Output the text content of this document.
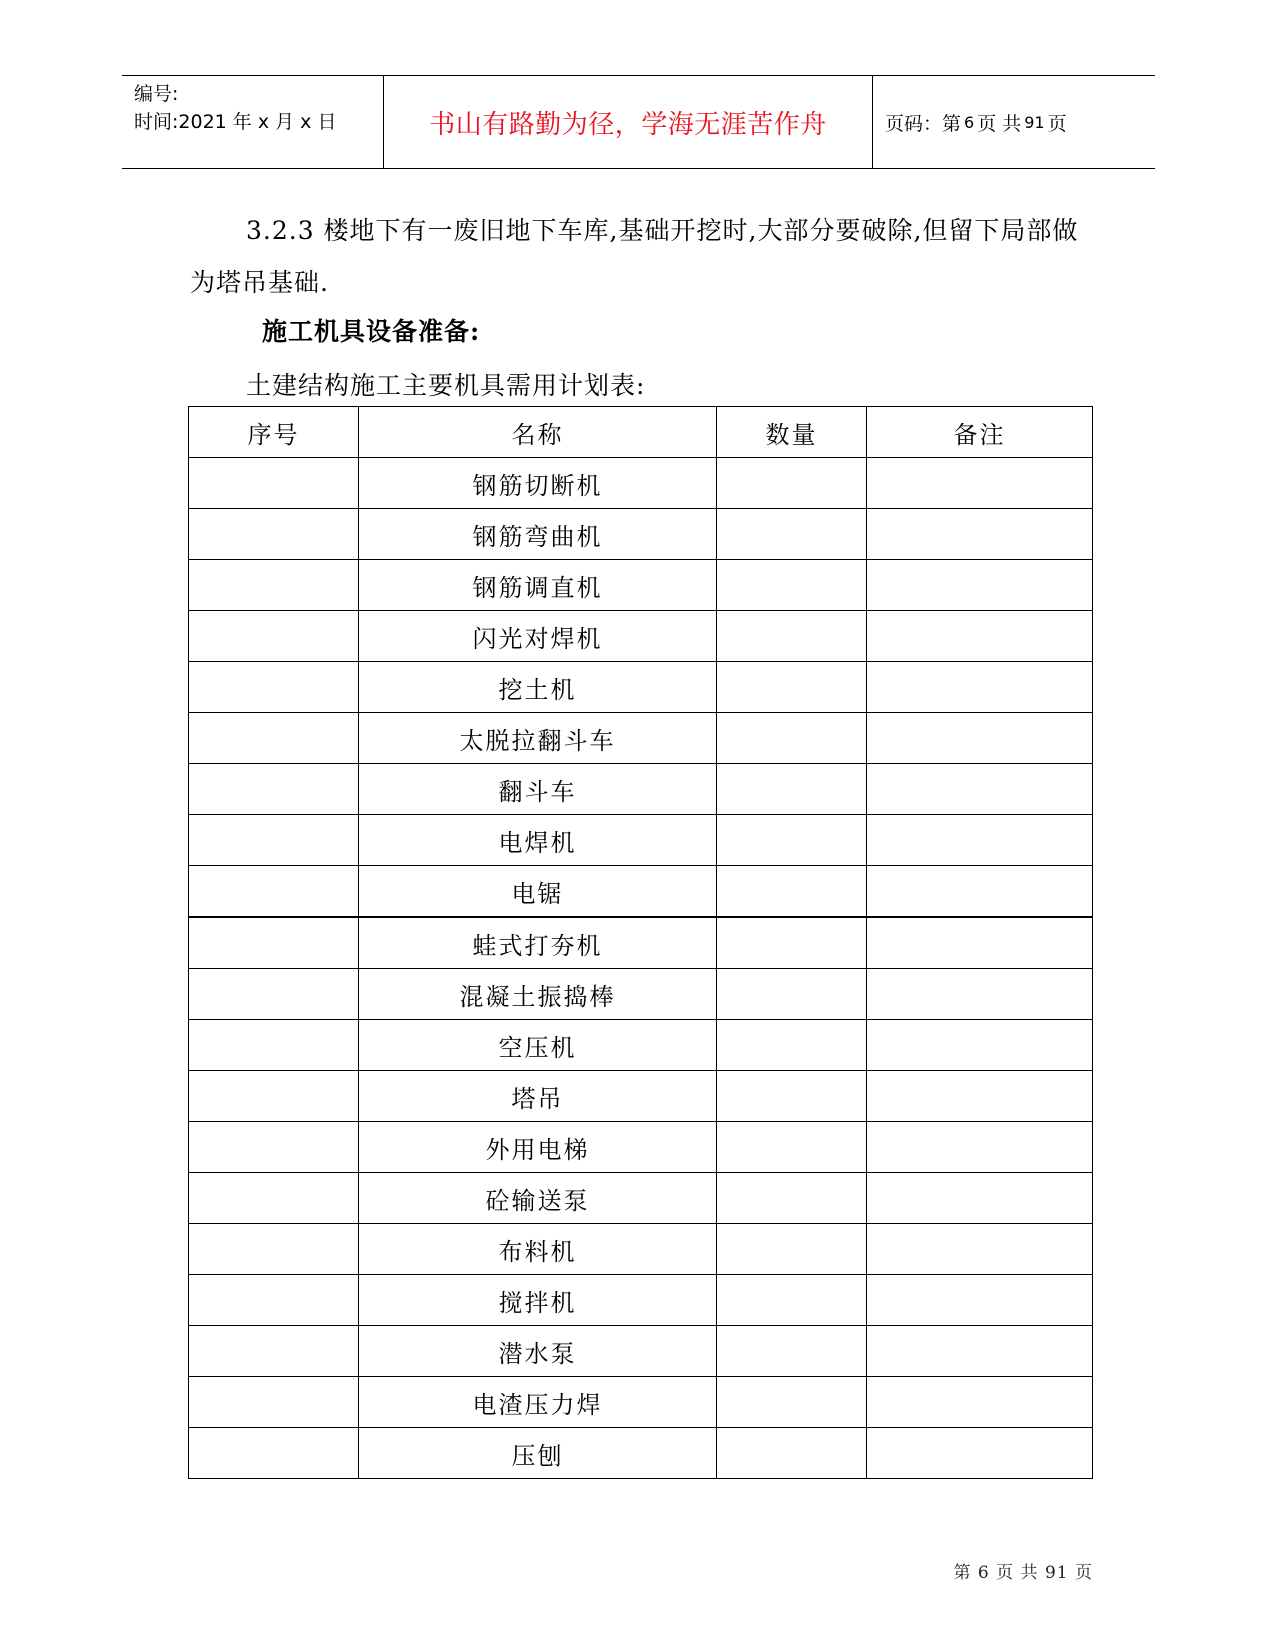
编号:
时间:2021 年 x 月 x 日	书山有路勤为径，学海无涯苦作舟	页码：第 6 页 共 91 页
3.2.3 楼地下有一废旧地下车库,基础开挖时,大部分要破除,但留下局部做为塔吊基础.
施工机具设备准备:
土建结构施工主要机具需用计划表:
序号	名称	数量	备注
	钢筋切断机		
	钢筋弯曲机		
	钢筋调直机		
	闪光对焊机		
	挖土机		
	太脱拉翻斗车		
	翻斗车		
	电焊机		
	电锯		
	蛙式打夯机		
	混凝土振捣棒		
	空压机		
	塔吊		
	外用电梯		
	砼输送泵		
	布料机		
	搅拌机		
	潜水泵		
	电渣压力焊		
	压刨		
第 6 页 共 91 页
